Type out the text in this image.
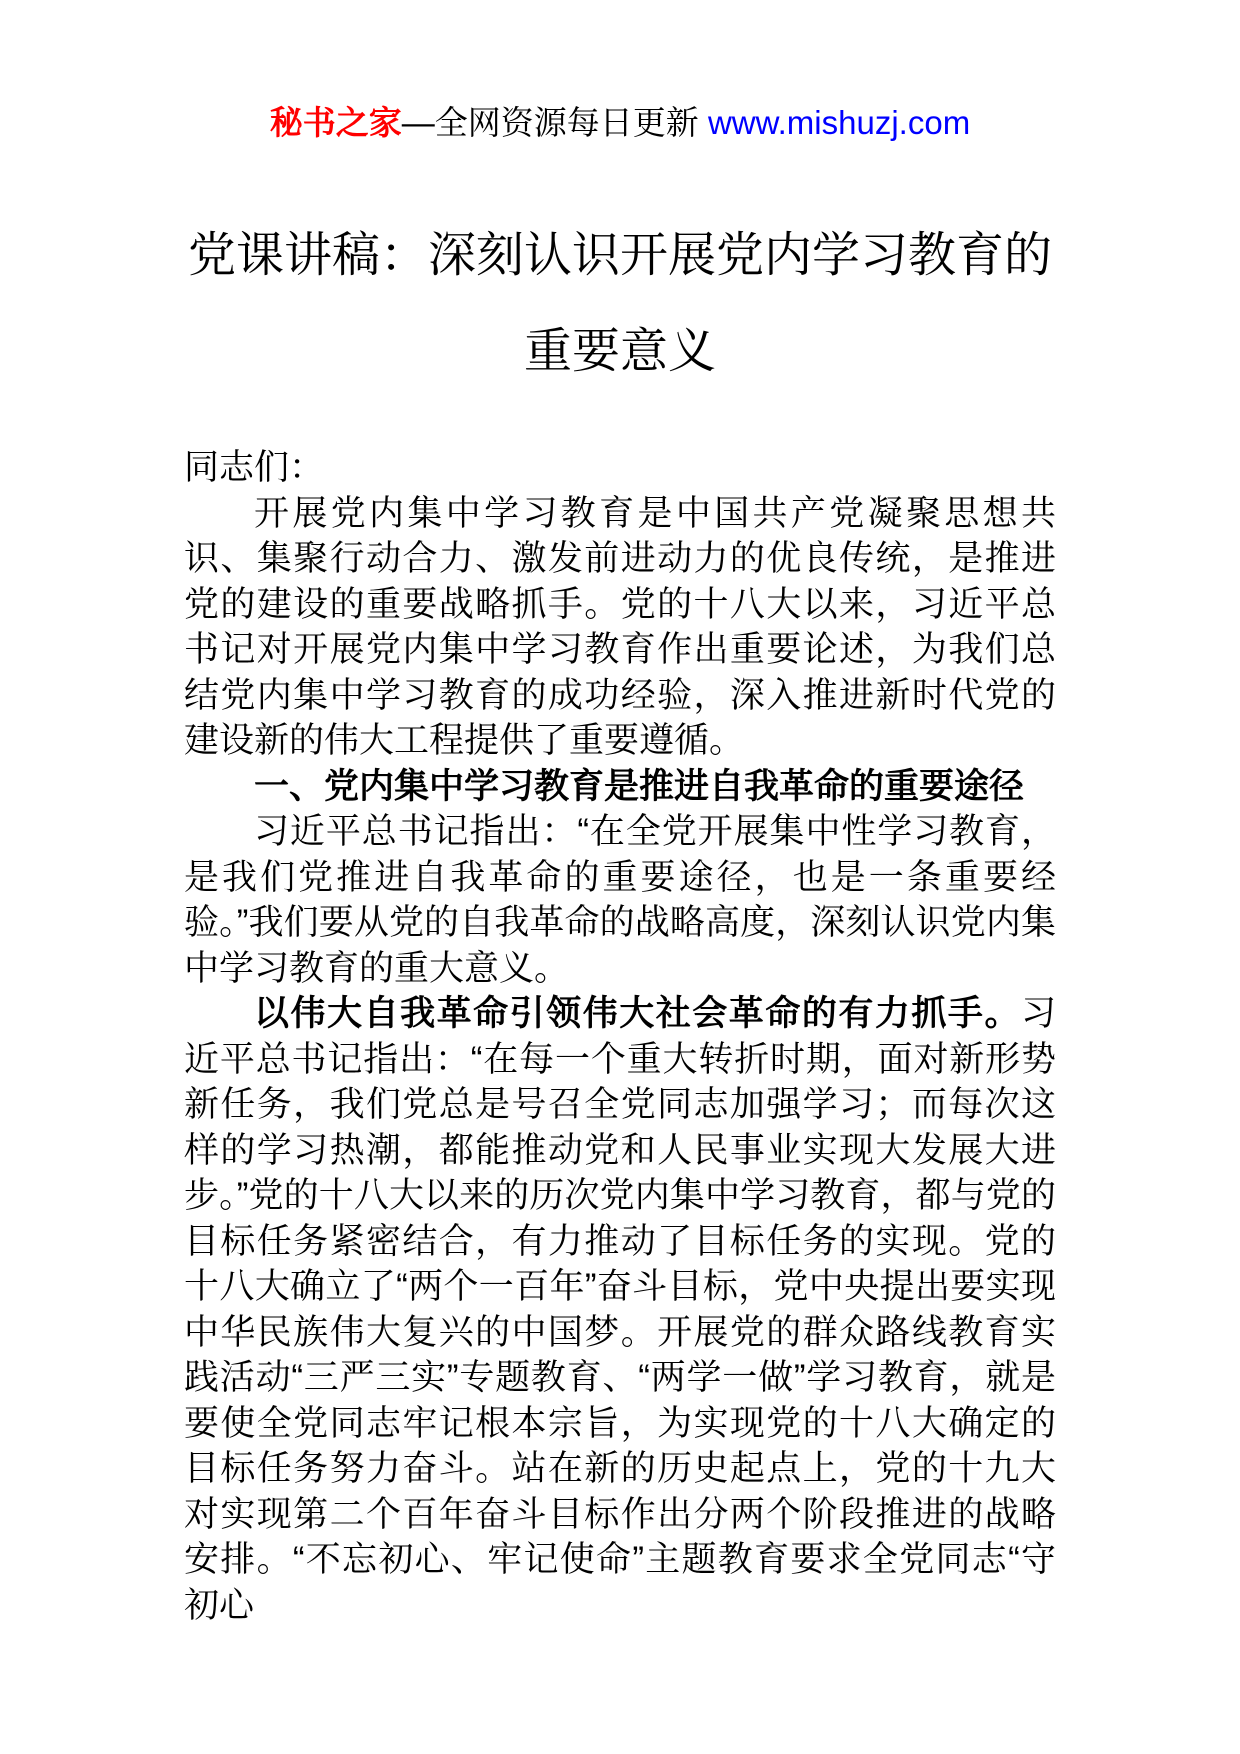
秘书之家—全网资源每日更新 www.mishuzj.com
党课讲稿：深刻认识开展党内学习教育的
重要意义

同志们：

开展党内集中学习教育是中国共产党凝聚思想共识、集聚行动合力、激发前进动力的优良传统，是推进党的建设的重要战略抓手。党的十八大以来，习近平总书记对开展党内集中学习教育作出重要论述，为我们总结党内集中学习教育的成功经验，深入推进新时代党的建设新的伟大工程提供了重要遵循。

一、党内集中学习教育是推进自我革命的重要途径

习近平总书记指出：“在全党开展集中性学习教育，是我们党推进自我革命的重要途径，也是一条重要经验。”我们要从党的自我革命的战略高度，深刻认识党内集中学习教育的重大意义。

以伟大自我革命引领伟大社会革命的有力抓手。习近平总书记指出：“在每一个重大转折时期，面对新形势新任务，我们党总是号召全党同志加强学习；而每次这样的学习热潮，都能推动党和人民事业实现大发展大进步。”党的十八大以来的历次党内集中学习教育，都与党的目标任务紧密结合，有力推动了目标任务的实现。党的十八大确立了“两个一百年”奋斗目标，党中央提出要实现中华民族伟大复兴的中国梦。开展党的群众路线教育实践活动“三严三实”专题教育、“两学一做”学习教育，就是要使全党同志牢记根本宗旨，为实现党的十八大确定的目标任务努力奋斗。站在新的历史起点上，党的十九大对实现第二个百年奋斗目标作出分两个阶段推进的战略安排。“不忘初心、牢记使命”主题教育要求全党同志“守初心
